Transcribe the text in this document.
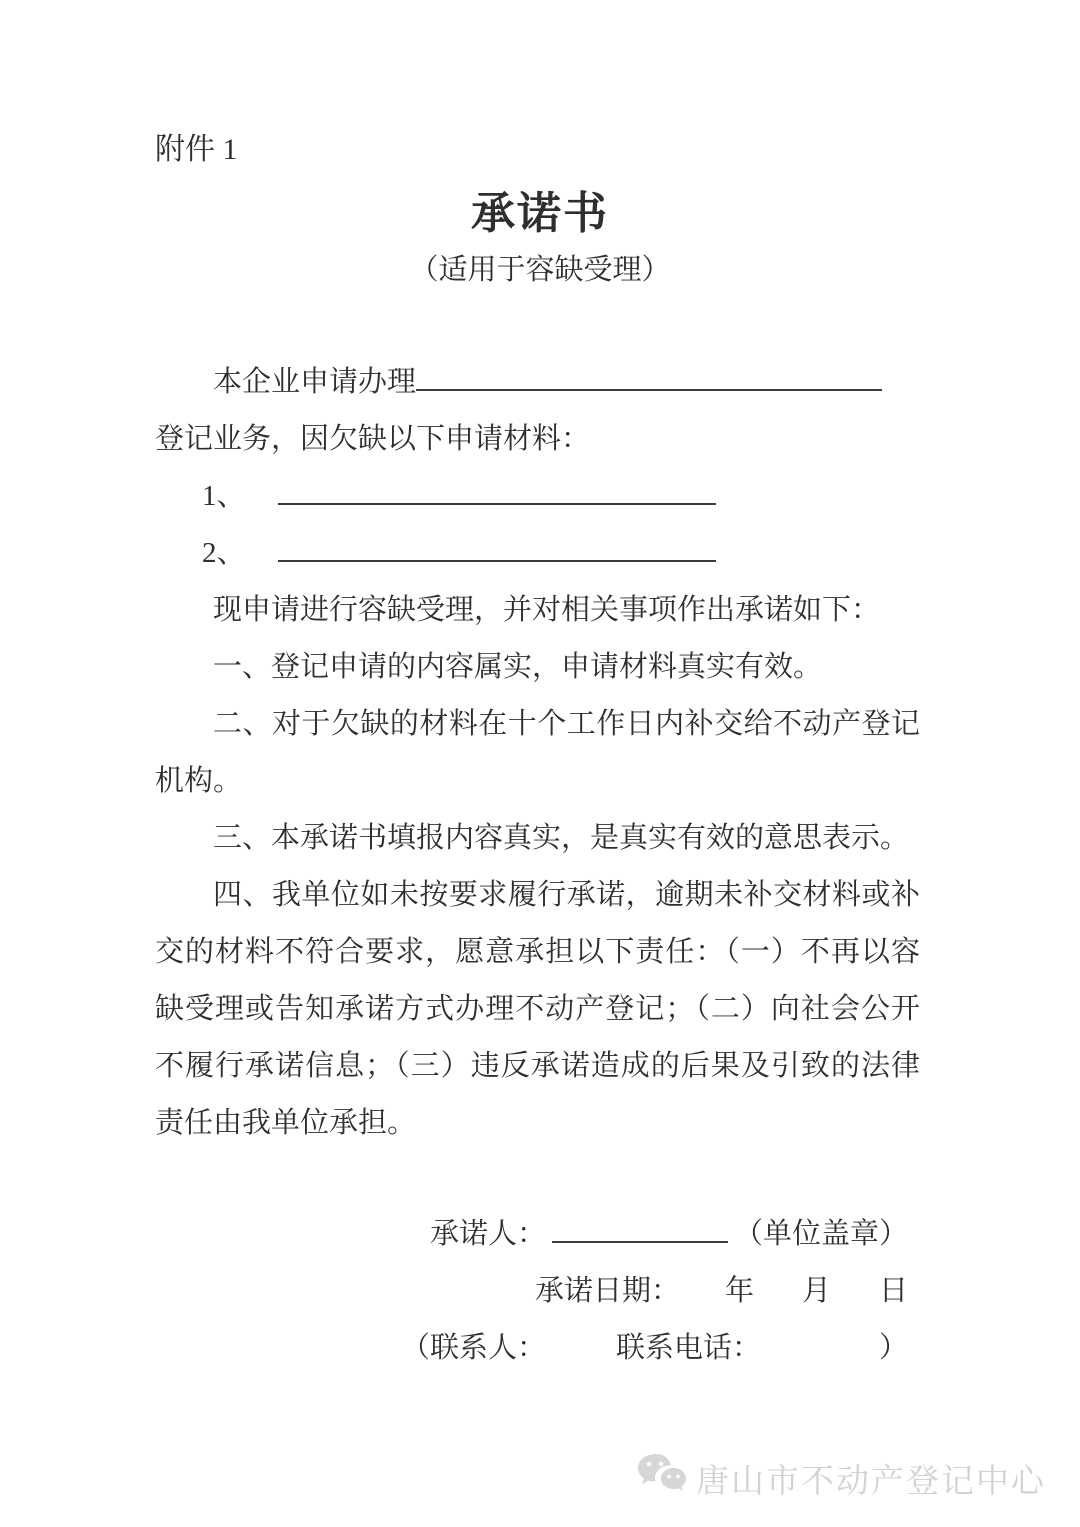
附件 1
承诺书
（适用于容缺受理）
本企业申请办理
登记业务，因欠缺以下申请材料：
1、
2、
现申请进行容缺受理，并对相关事项作出承诺如下：
一、登记申请的内容属实，申请材料真实有效。
二、对于欠缺的材料在十个工作日内补交给不动产登记机构。
三、本承诺书填报内容真实，是真实有效的意思表示。
四、我单位如未按要求履行承诺，逾期未补交材料或补交的材料不符合要求，愿意承担以下责任：（一）不再以容缺受理或告知承诺方式办理不动产登记；（二）向社会公开不履行承诺信息；（三）违反承诺造成的后果及引致的法律责任由我单位承担。
承诺人：	（单位盖章）
承诺日期： 年 月 日
（联系人： 联系电话：	）
唐山市不动产登记中心
